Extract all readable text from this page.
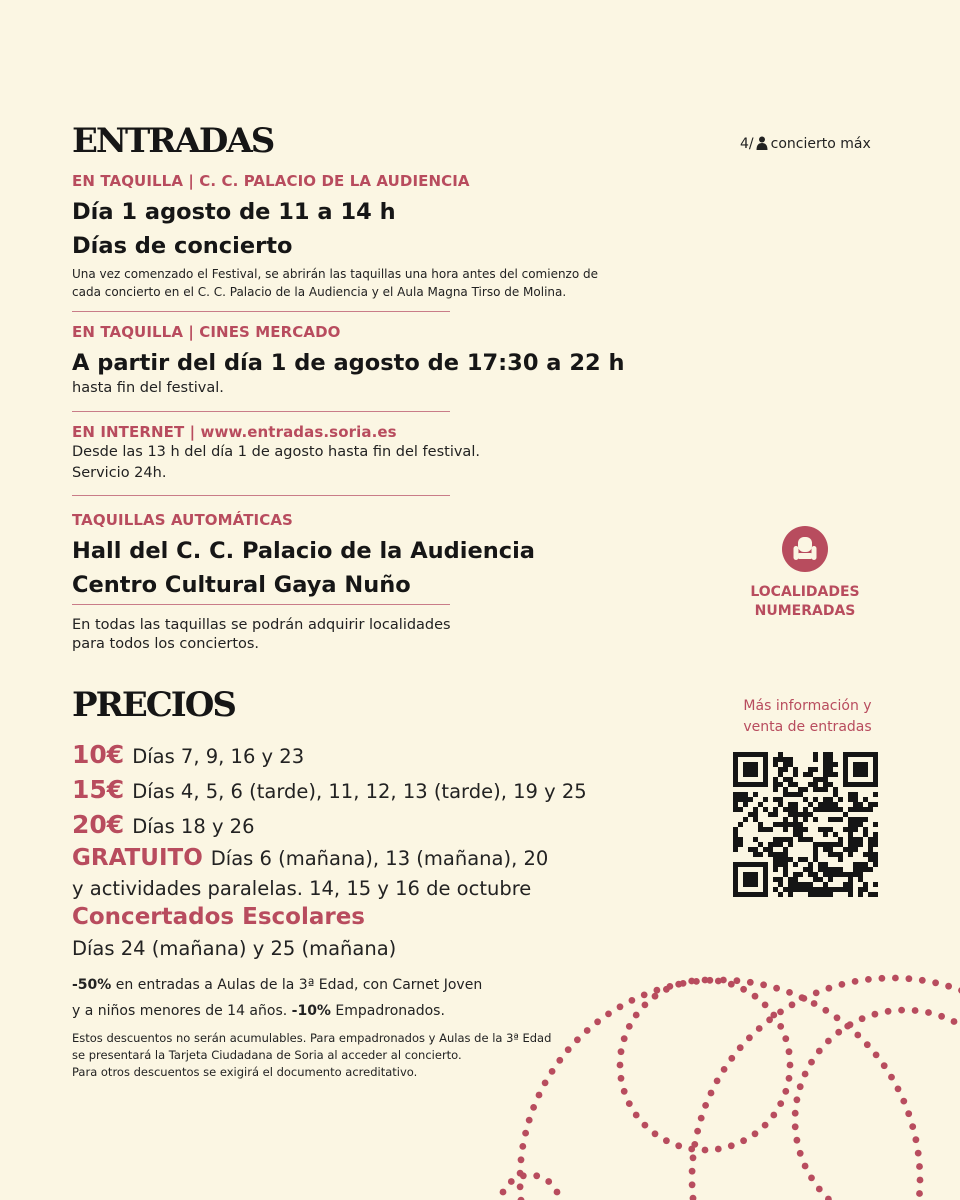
ENTRADAS	4/ concierto máx
EN TAQUILLA | C. C. PALACIO DE LA AUDIENCIA
Día 1 agosto de 11 a 14 h
Días de concierto
Una vez comenzado el Festival, se abrirán las taquillas una hora antes del comienzo de
cada concierto en el C. C. Palacio de la Audiencia y el Aula Magna Tirso de Molina.
EN TAQUILLA | CINES MERCADO
A partir del día 1 de agosto de 17:30 a 22 h
hasta fin del festival.
EN INTERNET | www.entradas.soria.es
Desde las 13 h del día 1 de agosto hasta fin del festival.
Servicio 24h.
TAQUILLAS AUTOMÁTICAS
Hall del C. C. Palacio de la Audiencia
Centro Cultural Gaya Nuño
En todas las taquillas se podrán adquirir localidades
para todos los conciertos.
LOCALIDADES
NUMERADAS
PRECIOS
10€ Días 7, 9, 16 y 23
15€ Días 4, 5, 6 (tarde), 11, 12, 13 (tarde), 19 y 25
20€ Días 18 y 26
GRATUITO Días 6 (mañana), 13 (mañana), 20
y actividades paralelas. 14, 15 y 16 de octubre
Concertados Escolares
Días 24 (mañana) y 25 (mañana)
-50% en entradas a Aulas de la 3ª Edad, con Carnet Joven
y a niños menores de 14 años. -10% Empadronados.
Estos descuentos no serán acumulables. Para empadronados y Aulas de la 3ª Edad
se presentará la Tarjeta Ciudadana de Soria al acceder al concierto.
Para otros descuentos se exigirá el documento acreditativo.
Más información y
venta de entradas
